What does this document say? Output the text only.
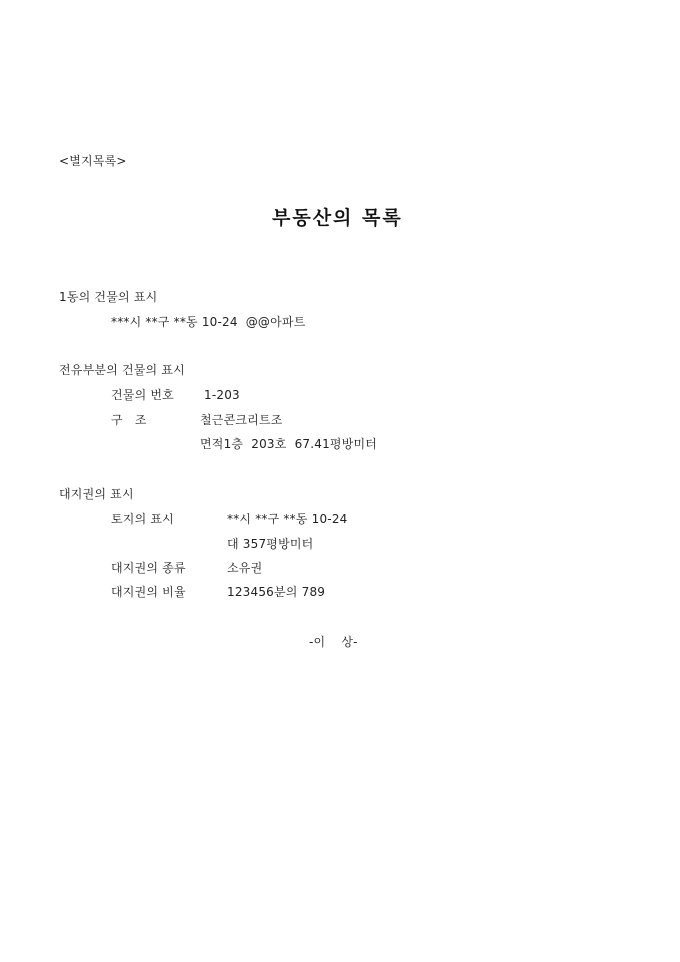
<별지목록>
부동산의 목록
1동의 건물의 표시
***시 **구 **동 10-24  @@아파트
전유부분의 건물의 표시
건물의 번호	1-203
구   조	철근콘크리트조
면적1층  203호  67.41평방미터
대지권의 표시
토지의 표시	**시 **구 **동 10-24
대 357평방미터
대지권의 종류	소유권
대지권의 비율	123456분의 789
-이    상-
